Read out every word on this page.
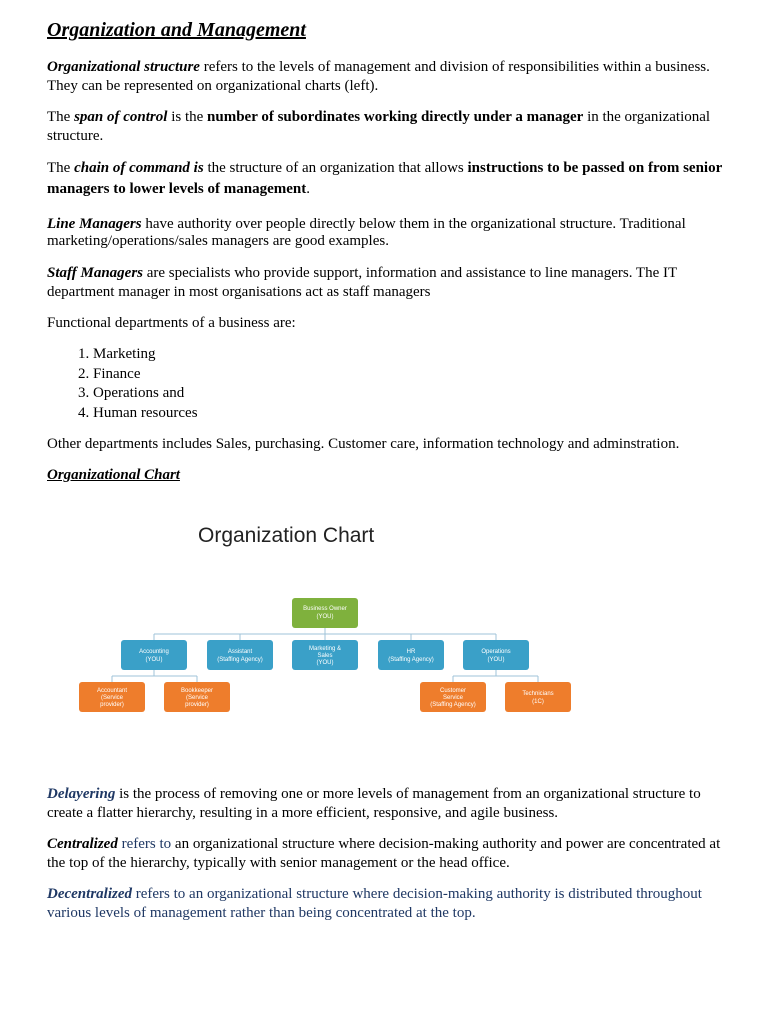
Organization and Management

Organizational structure refers to the levels of management and division of responsibilities within a business. They can be represented on organizational charts (left).

The span of control is the number of subordinates working directly under a manager in the organizational structure.

The chain of command is the structure of an organization that allows instructions to be passed on from senior managers to lower levels of management.

Line Managers have authority over people directly below them in the organizational structure. Traditional marketing/operations/sales managers are good examples.

Staff Managers are specialists who provide support, information and assistance to line managers. The IT department manager in most organisations act as staff managers

Functional departments of a business are:

1. Marketing
2. Finance
3. Operations and
4. Human resources

Other departments includes Sales, purchasing. Customer care, information technology and adminstration.

Organizational Chart

Organization Chart
Business Owner
(YOU)
Accounting
(YOU)
Assistant
(Staffing Agency)
Marketing &
Sales
(YOU)
HR
(Staffing Agency)
Operations
(YOU)
Accountant
(Service
provider)
Bookkeeper
(Service
provider)
Customer
Service
(Staffing Agency)
Technicians
(1C)

Delayering is the process of removing one or more levels of management from an organizational structure to create a flatter hierarchy, resulting in a more efficient, responsive, and agile business.

Centralized refers to an organizational structure where decision-making authority and power are concentrated at the top of the hierarchy, typically with senior management or the head office.

Decentralized refers to an organizational structure where decision-making authority is distributed throughout various levels of management rather than being concentrated at the top.
